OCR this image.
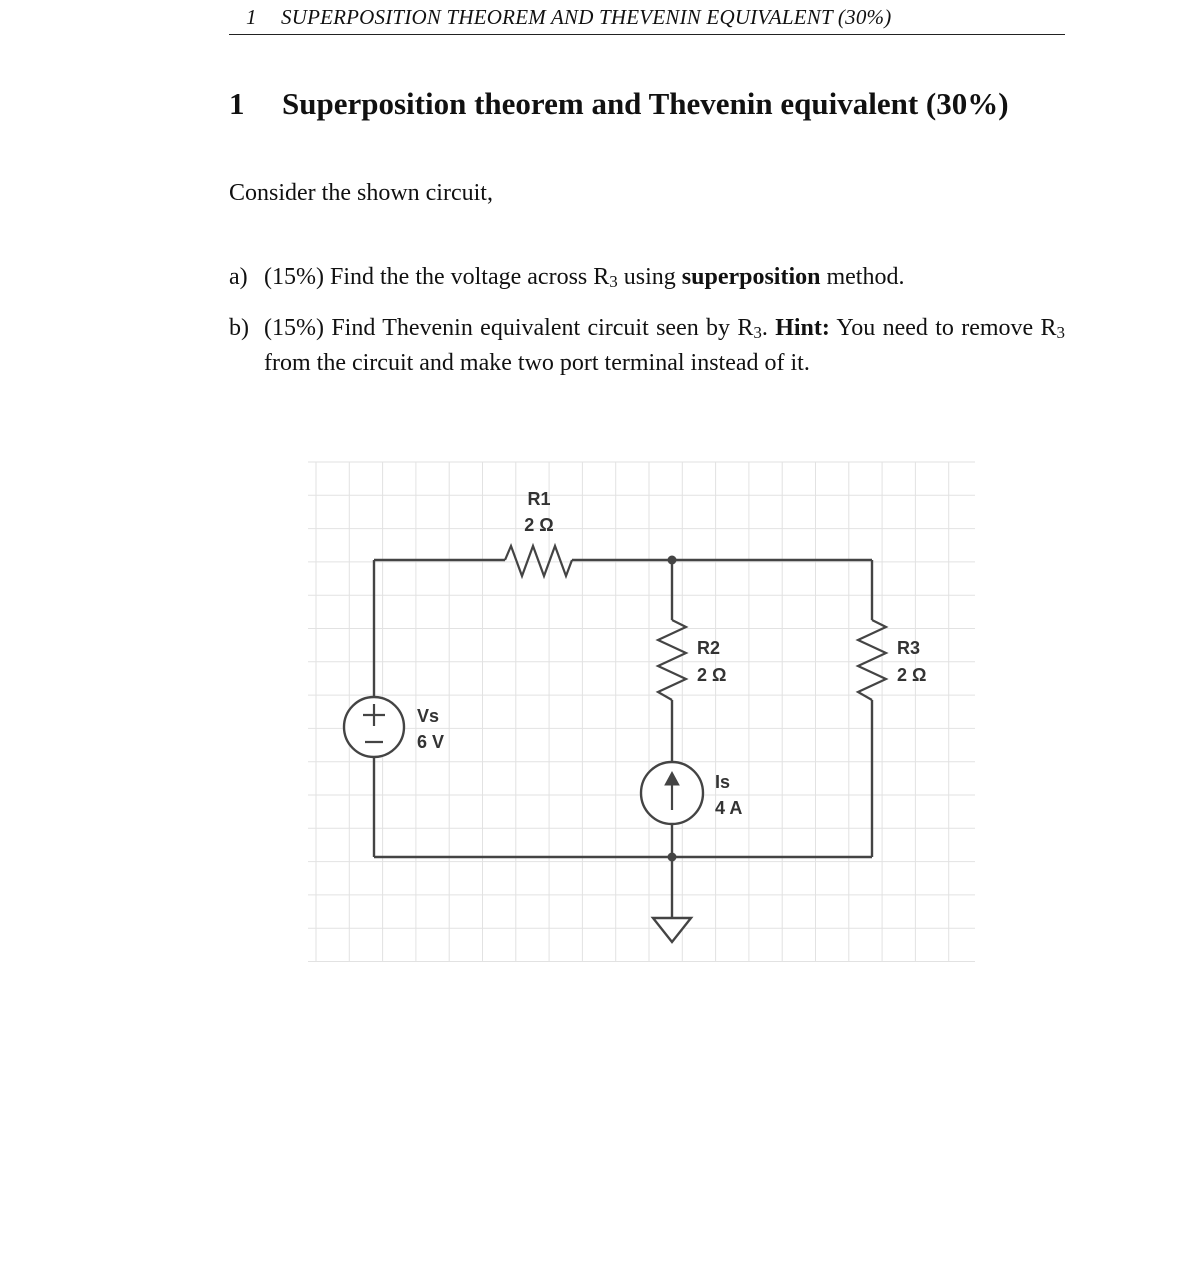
1 SUPERPOSITION THEOREM AND THEVENIN EQUIVALENT (30%)
1 Superposition theorem and Thevenin equivalent (30%)
Consider the shown circuit,
a) (15%) Find the the voltage across $R_3$ using superposition method.
b) (15%) Find Thevenin equivalent circuit seen by $R_3$. Hint: You need to remove $R_3$ from the circuit and make two port terminal instead of it.
R1
2 Ω
R2
2 Ω
R3
2 Ω
Vs
6 V
Is
4 A
